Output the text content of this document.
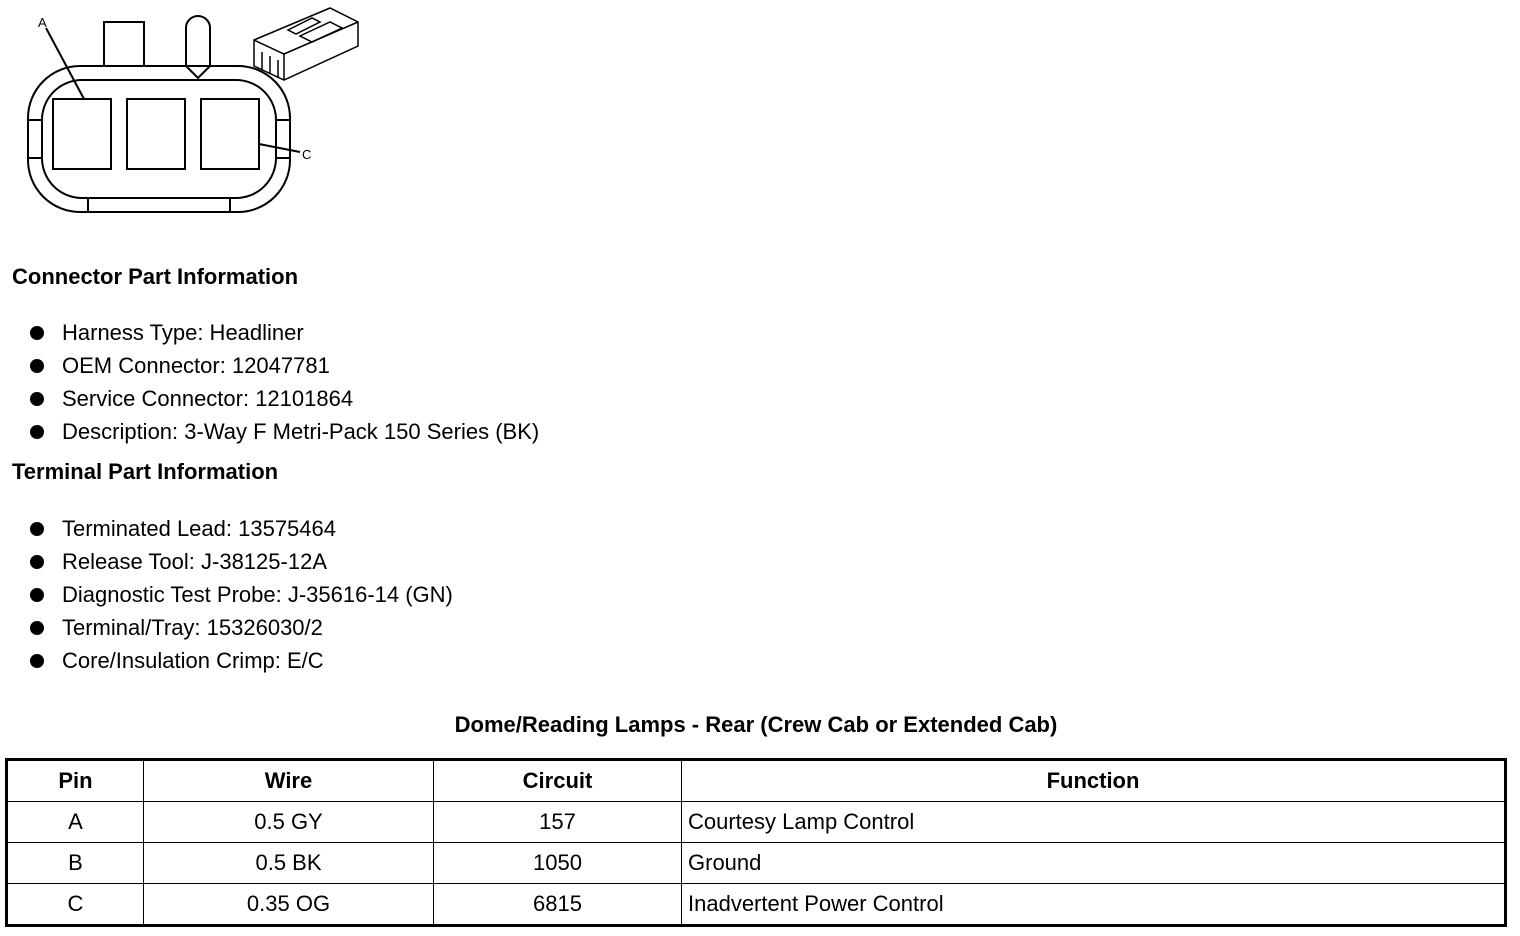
A
C
Connector Part Information
Harness Type: Headliner
OEM Connector: 12047781
Service Connector: 12101864
Description: 3-Way F Metri-Pack 150 Series (BK)
Terminal Part Information
Terminated Lead: 13575464
Release Tool: J-38125-12A
Diagnostic Test Probe: J-35616-14 (GN)
Terminal/Tray: 15326030/2
Core/Insulation Crimp: E/C
Dome/Reading Lamps - Rear (Crew Cab or Extended Cab)
Pin	Wire	Circuit	Function
A	0.5 GY	157	Courtesy Lamp Control
B	0.5 BK	1050	Ground
C	0.35 OG	6815	Inadvertent Power Control
